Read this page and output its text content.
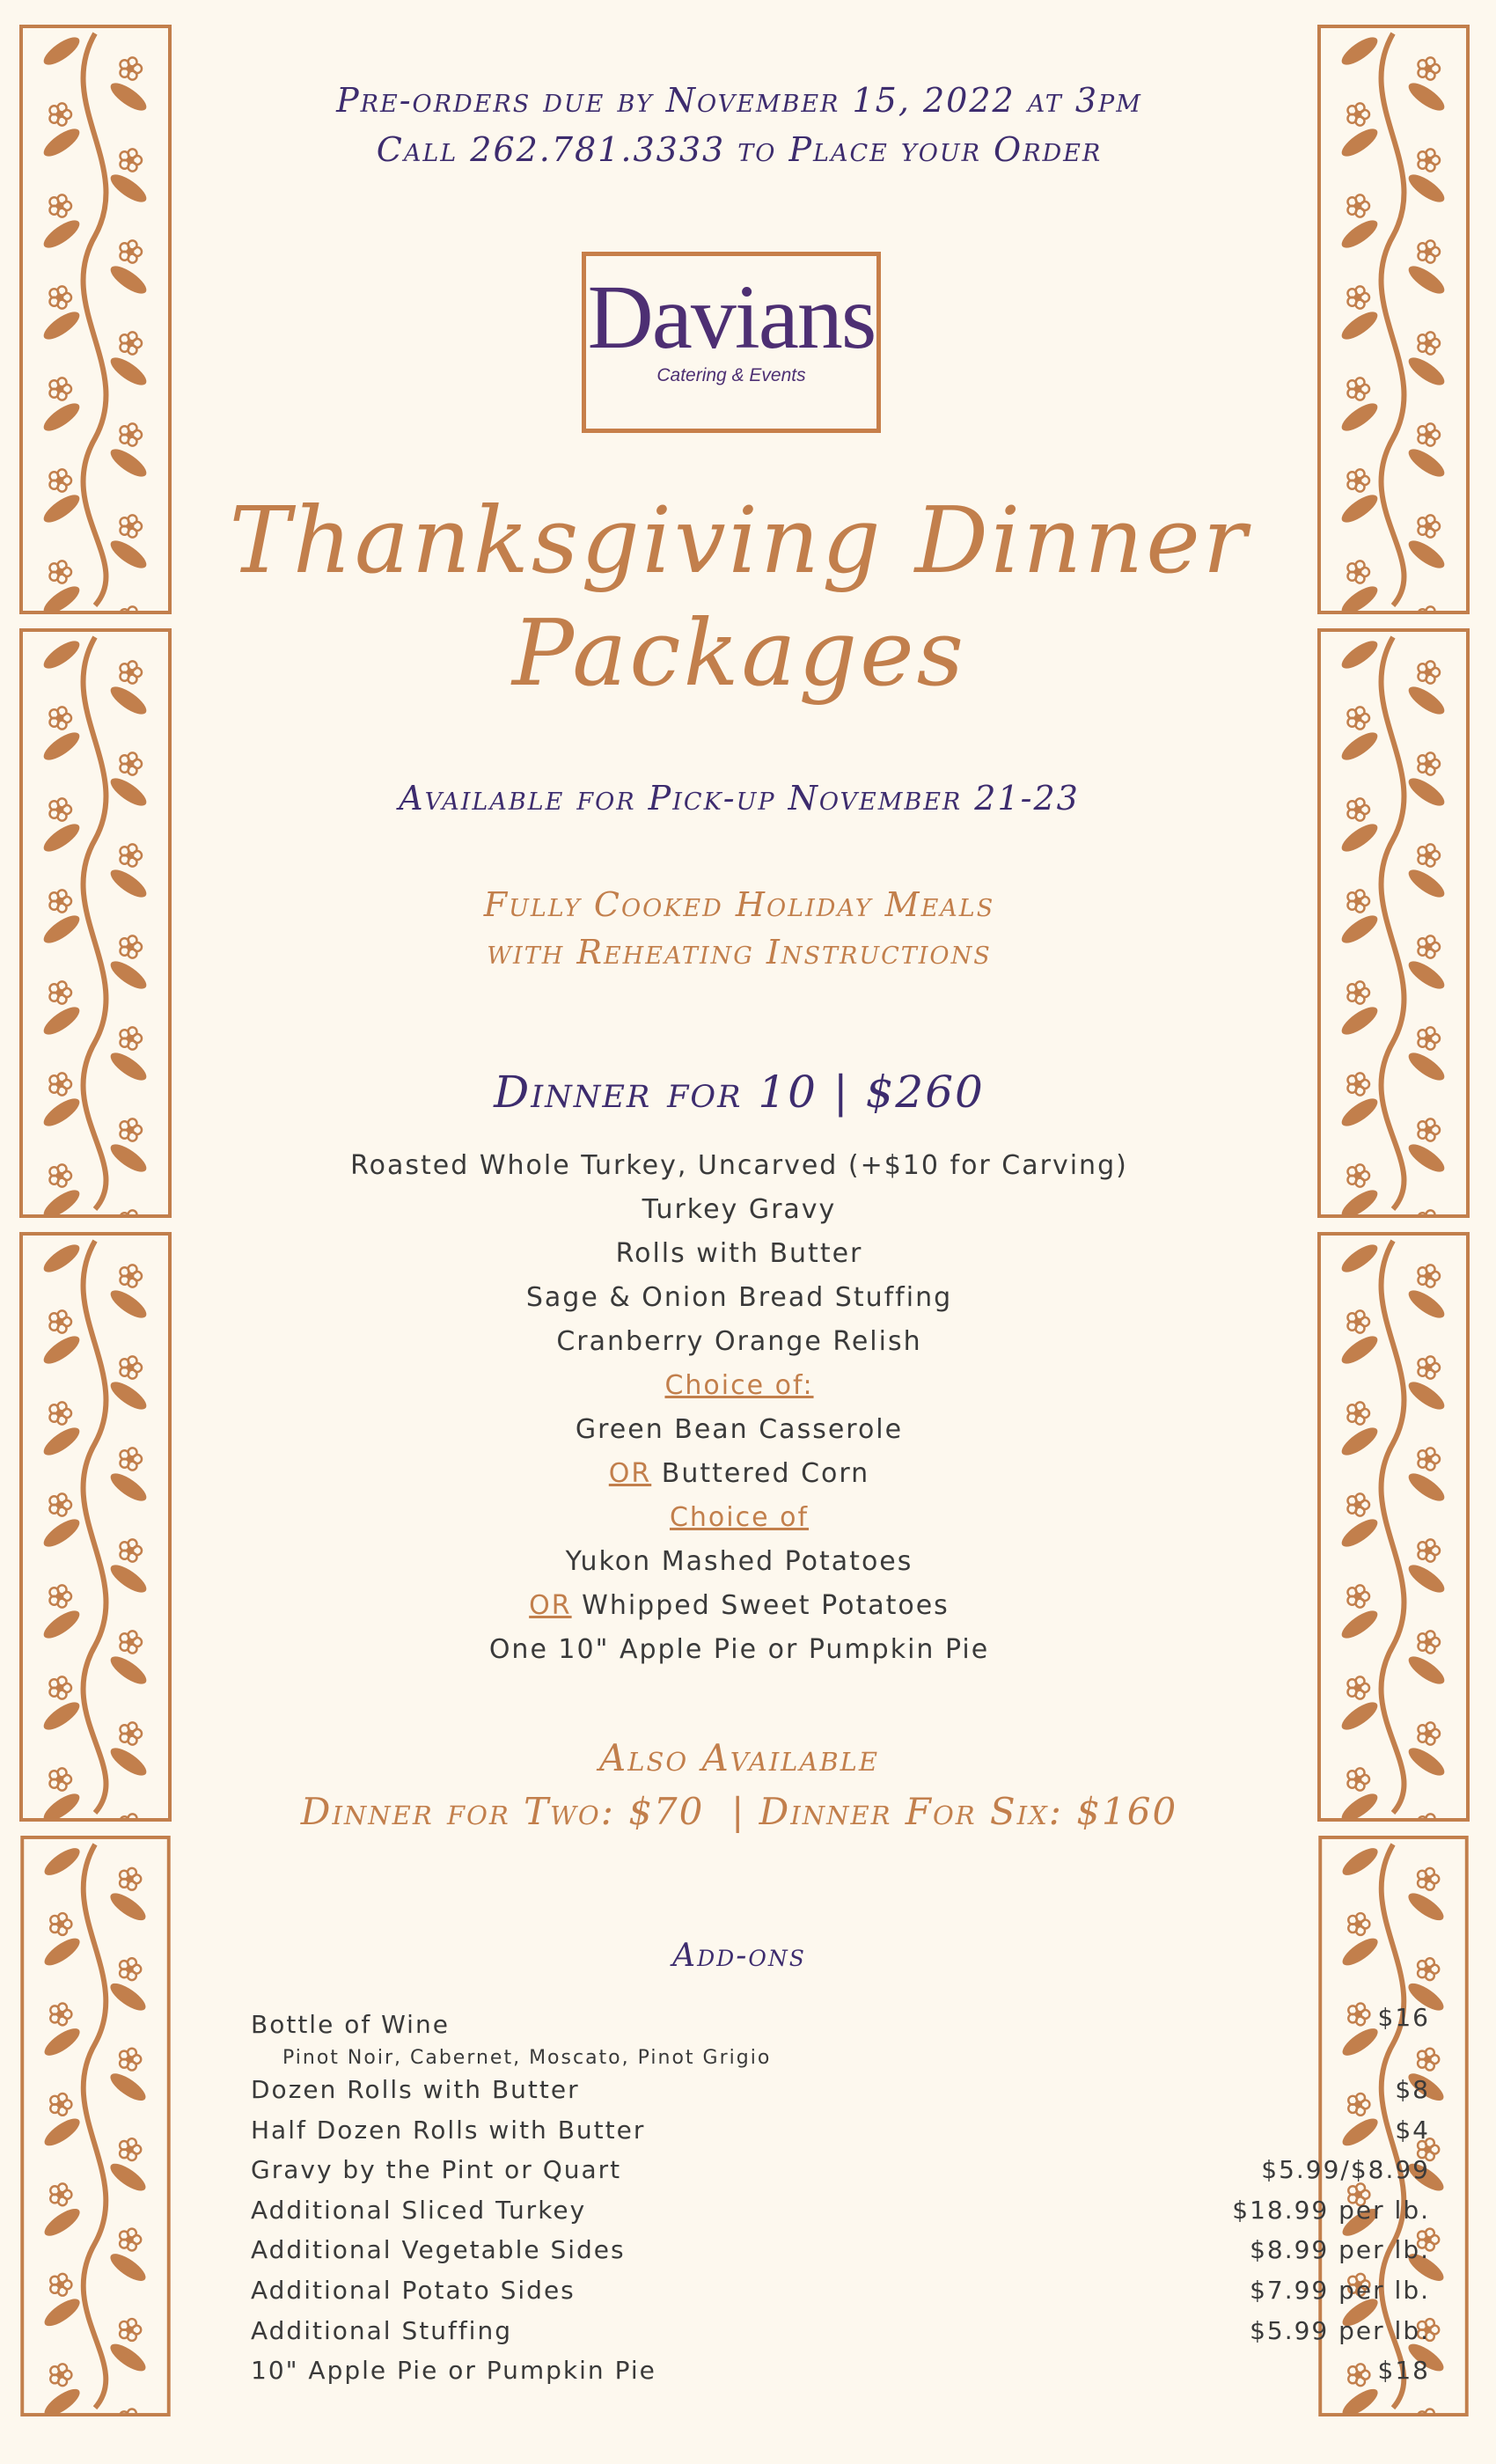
Pre-orders due by November 15, 2022 at 3pm
Call 262.781.3333 to Place your Order
Davians
Catering & Events
Thanksgiving Dinner
Packages
Available for Pick-up November 21-23
Fully Cooked Holiday Meals
with Reheating Instructions
Dinner for 10 | $260
Roasted Whole Turkey, Uncarved (+$10 for Carving)
Turkey Gravy
Rolls with Butter
Sage & Onion Bread Stuffing
Cranberry Orange Relish
Choice of:
Green Bean Casserole
OR Buttered Corn
Choice of
Yukon Mashed Potatoes
OR Whipped Sweet Potatoes
One 10" Apple Pie or Pumpkin Pie
Also Available
Dinner for Two: $70  | Dinner For Six: $160
Add-ons
Bottle of Wine	$16
Pinot Noir, Cabernet, Moscato, Pinot Grigio
Dozen Rolls with Butter	$8
Half Dozen Rolls with Butter	$4
Gravy by the Pint or Quart	$5.99/$8.99
Additional Sliced Turkey	$18.99 per lb.
Additional Vegetable Sides	$8.99 per lb.
Additional Potato Sides	$7.99 per lb.
Additional Stuffing	$5.99 per lb.
10" Apple Pie or Pumpkin Pie	$18
